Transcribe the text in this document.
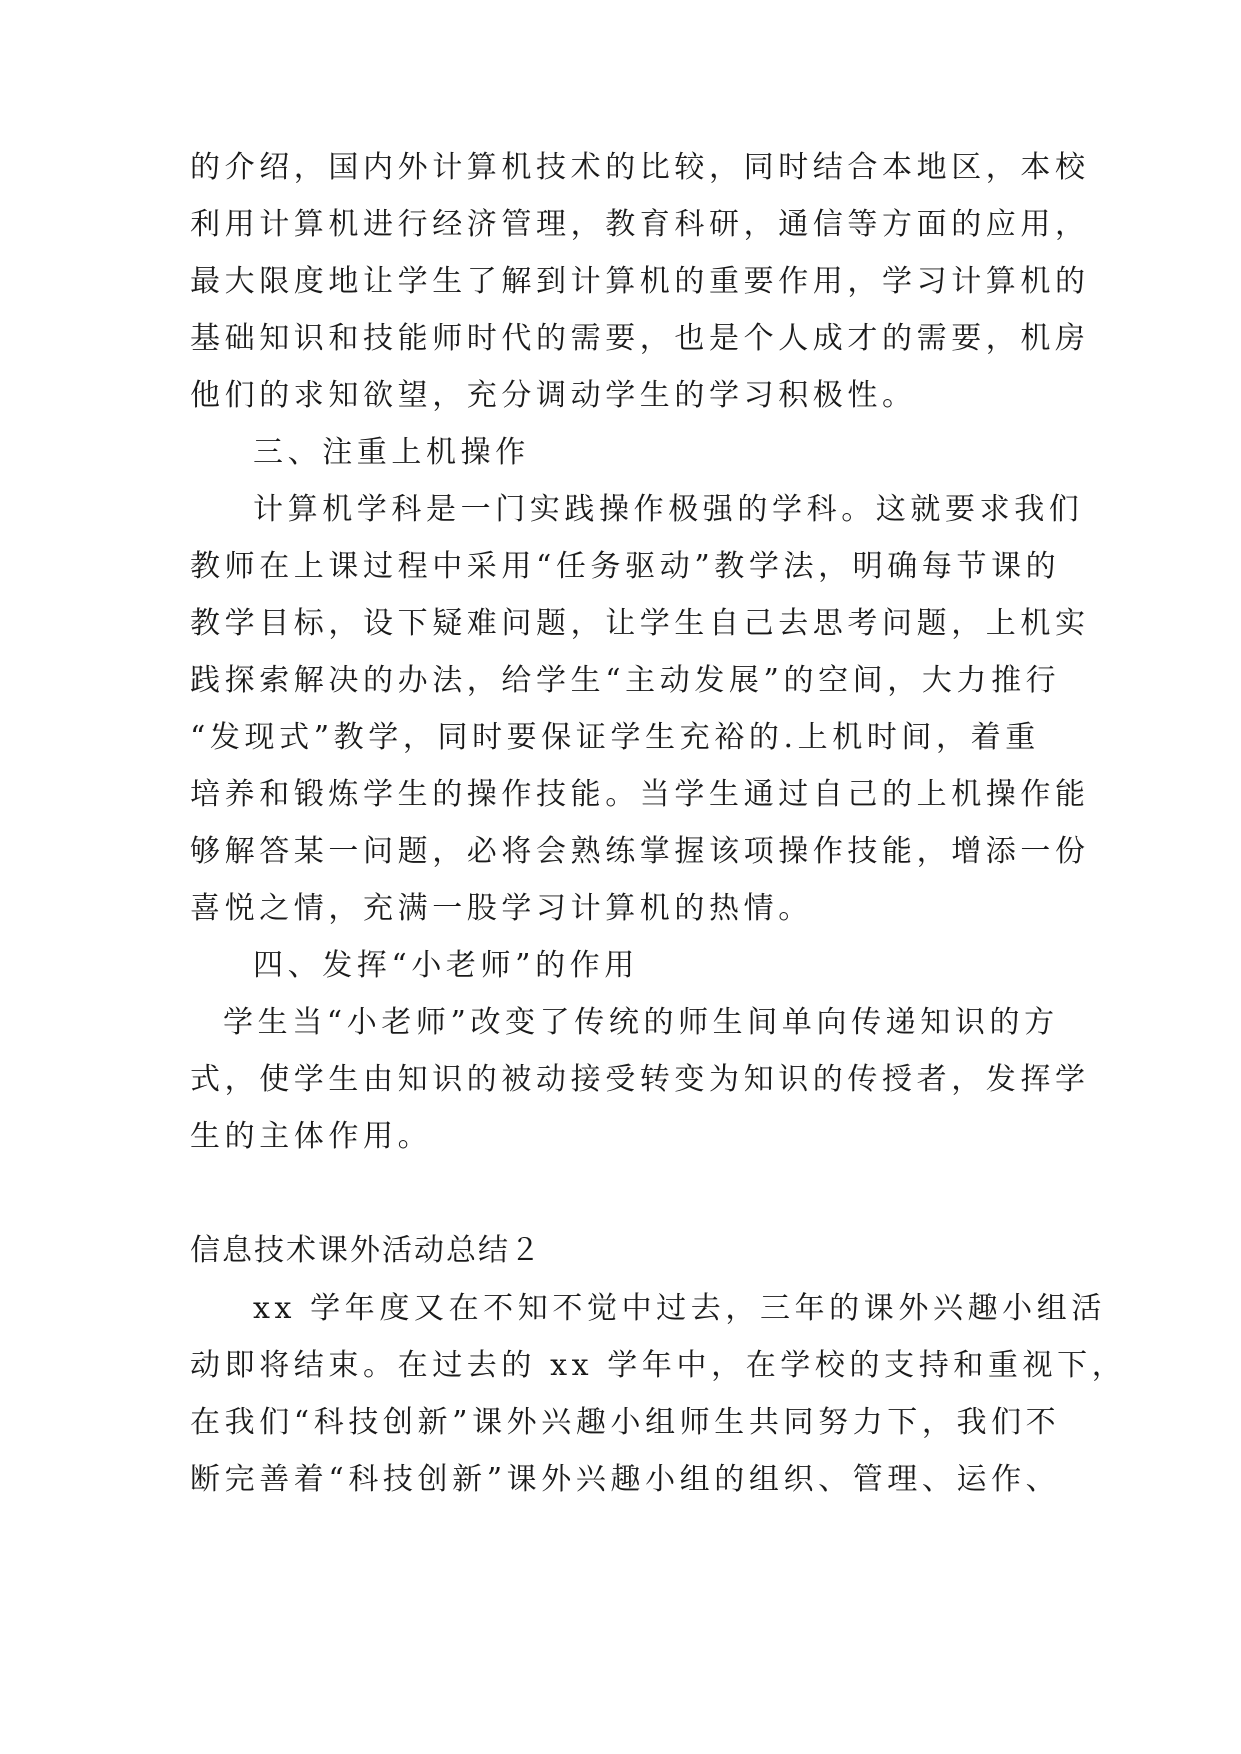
的介绍，国内外计算机技术的比较，同时结合本地区，本校
利用计算机进行经济管理，教育科研，通信等方面的应用，
最大限度地让学生了解到计算机的重要作用，学习计算机的
基础知识和技能师时代的需要，也是个人成才的需要，机房
他们的求知欲望，充分调动学生的学习积极性。
三、注重上机操作
计算机学科是一门实践操作极强的学科。这就要求我们
教师在上课过程中采用“任务驱动”教学法，明确每节课的
教学目标，设下疑难问题，让学生自己去思考问题，上机实
践探索解决的办法，给学生“主动发展”的空间，大力推行
“发现式”教学，同时要保证学生充裕的.上机时间，着重
培养和锻炼学生的操作技能。当学生通过自己的上机操作能
够解答某一问题，必将会熟练掌握该项操作技能，增添一份
喜悦之情，充满一股学习计算机的热情。
四、发挥“小老师”的作用
学生当“小老师”改变了传统的师生间单向传递知识的方
式，使学生由知识的被动接受转变为知识的传授者，发挥学
生的主体作用。
信息技术课外活动总结２
xx 学年度又在不知不觉中过去，三年的课外兴趣小组活
动即将结束。在过去的 xx 学年中，在学校的支持和重视下，
在我们“科技创新”课外兴趣小组师生共同努力下，我们不
断完善着“科技创新”课外兴趣小组的组织、管理、运作、
